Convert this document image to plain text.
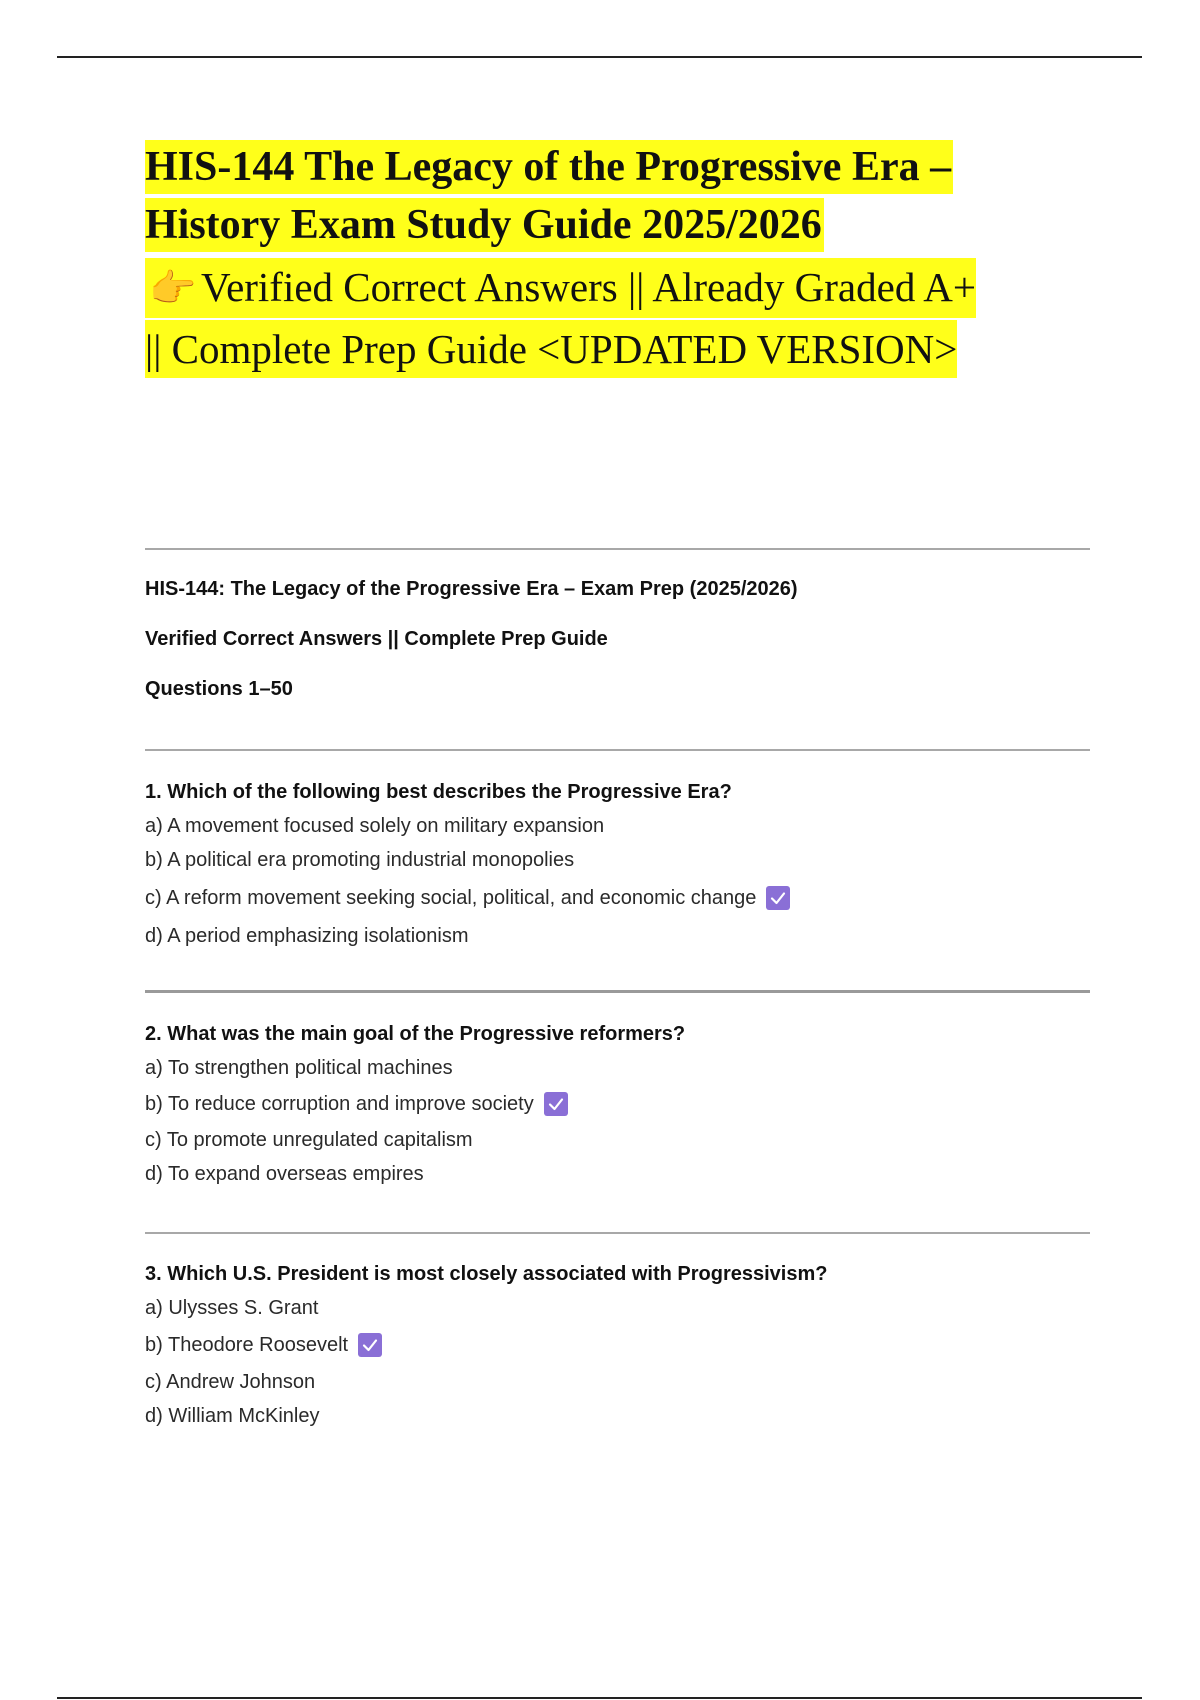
HIS-144 The Legacy of the Progressive Era –
History Exam Study Guide 2025/2026
👉 Verified Correct Answers || Already Graded A+
|| Complete Prep Guide <UPDATED VERSION>
HIS-144: The Legacy of the Progressive Era – Exam Prep (2025/2026)
Verified Correct Answers || Complete Prep Guide
Questions 1–50
1. Which of the following best describes the Progressive Era?
a) A movement focused solely on military expansion
b) A political era promoting industrial monopolies
c) A reform movement seeking social, political, and economic change
d) A period emphasizing isolationism
2. What was the main goal of the Progressive reformers?
a) To strengthen political machines
b) To reduce corruption and improve society
c) To promote unregulated capitalism
d) To expand overseas empires
3. Which U.S. President is most closely associated with Progressivism?
a) Ulysses S. Grant
b) Theodore Roosevelt
c) Andrew Johnson
d) William McKinley
